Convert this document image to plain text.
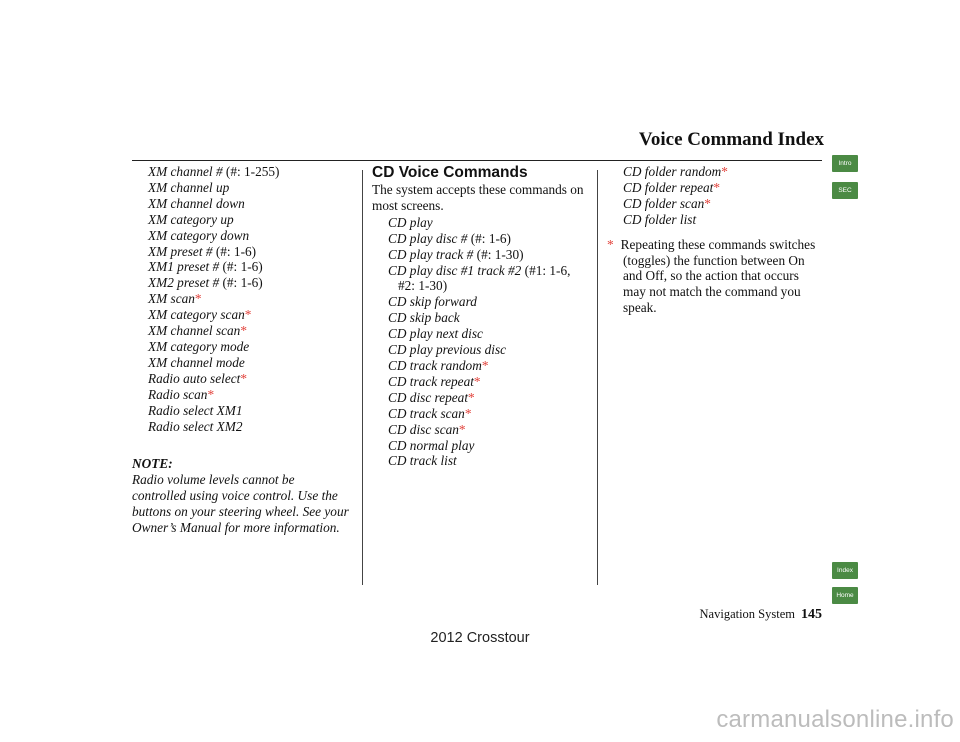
Voice Command Index
XM channel # (#: 1-255)
XM channel up
XM channel down
XM category up
XM category down
XM preset # (#: 1-6)
XM1 preset # (#: 1-6)
XM2 preset # (#: 1-6)
XM scan*
XM category scan*
XM channel scan*
XM category mode
XM channel mode
Radio auto select*
Radio scan*
Radio select XM1
Radio select XM2
NOTE:
Radio volume levels cannot be
controlled using voice control. Use the
buttons on your steering wheel. See your
Owner’s Manual for more information.
CD Voice Commands
The system accepts these commands on
most screens.
CD play
CD play disc # (#: 1-6)
CD play track # (#: 1-30)
CD play disc #1 track #2 (#1: 1-6,
#2: 1-30)
CD skip forward
CD skip back
CD play next disc
CD play previous disc
CD track random*
CD track repeat*
CD disc repeat*
CD track scan*
CD disc scan*
CD normal play
CD track list
CD folder random*
CD folder repeat*
CD folder scan*
CD folder list
* Repeating these commands switches
(toggles) the function between On
and Off, so the action that occurs
may not match the command you
speak.
Intro
SEC
Index
Home
Navigation System 145
2012 Crosstour
carmanualsonline.info
